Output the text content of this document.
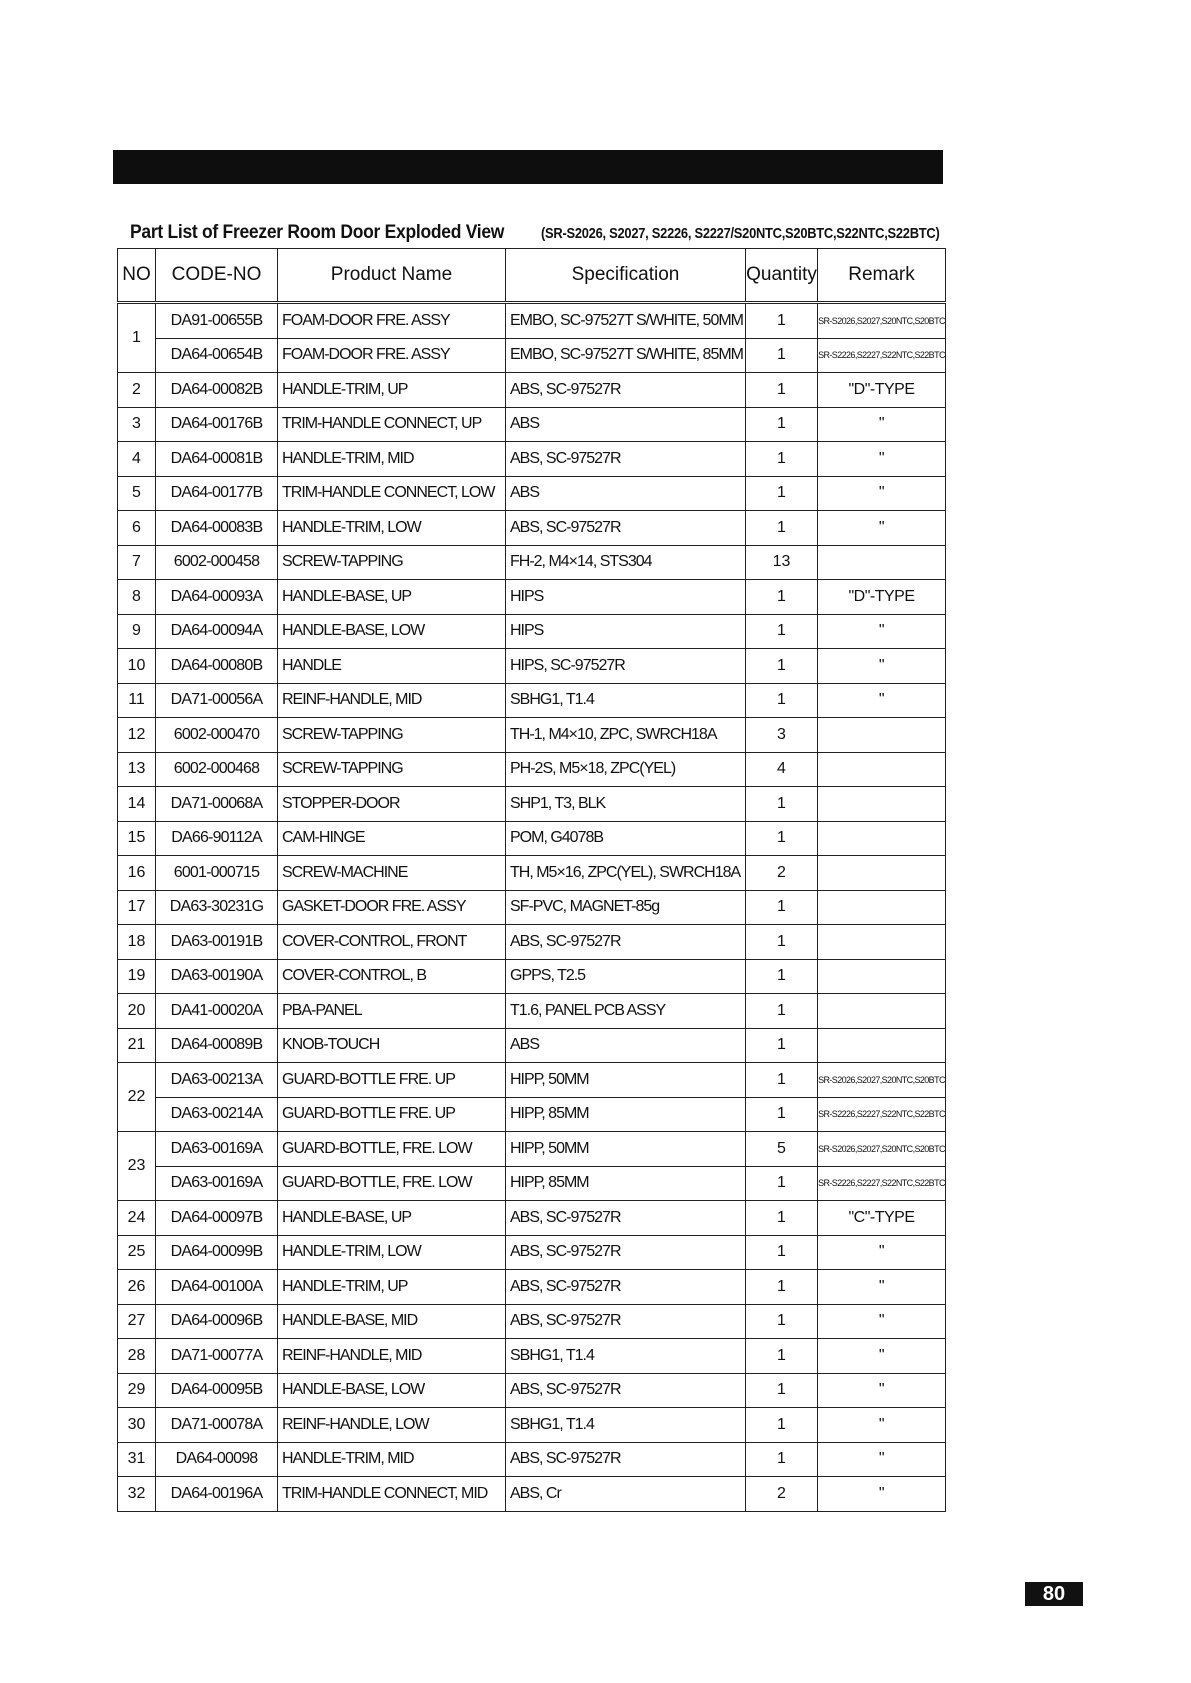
Part List of Freezer Room Door Exploded View (SR-S2026, S2027, S2226, S2227/S20NTC,S20BTC,S22NTC,S22BTC)
NO	CODE-NO	Product Name	Specification	Quantity	Remark
1	DA91-00655B	FOAM-DOOR FRE. ASSY	EMBO, SC-97527T S/WHITE, 50MM	1	SR-S2026,S2027,S20NTC,S20BTC
	DA64-00654B	FOAM-DOOR FRE. ASSY	EMBO, SC-97527T S/WHITE, 85MM	1	SR-S2226,S2227,S22NTC,S22BTC
2	DA64-00082B	HANDLE-TRIM, UP	ABS, SC-97527R	1	"D"-TYPE
3	DA64-00176B	TRIM-HANDLE CONNECT, UP	ABS	1	"
4	DA64-00081B	HANDLE-TRIM, MID	ABS, SC-97527R	1	"
5	DA64-00177B	TRIM-HANDLE CONNECT, LOW	ABS	1	"
6	DA64-00083B	HANDLE-TRIM, LOW	ABS, SC-97527R	1	"
7	6002-000458	SCREW-TAPPING	FH-2, M4×14, STS304	13	
8	DA64-00093A	HANDLE-BASE, UP	HIPS	1	"D"-TYPE
9	DA64-00094A	HANDLE-BASE, LOW	HIPS	1	"
10	DA64-00080B	HANDLE	HIPS, SC-97527R	1	"
11	DA71-00056A	REINF-HANDLE, MID	SBHG1, T1.4	1	"
12	6002-000470	SCREW-TAPPING	TH-1, M4×10, ZPC, SWRCH18A	3	
13	6002-000468	SCREW-TAPPING	PH-2S, M5×18, ZPC(YEL)	4	
14	DA71-00068A	STOPPER-DOOR	SHP1, T3, BLK	1	
15	DA66-90112A	CAM-HINGE	POM, G4078B	1	
16	6001-000715	SCREW-MACHINE	TH, M5×16, ZPC(YEL), SWRCH18A	2	
17	DA63-30231G	GASKET-DOOR FRE. ASSY	SF-PVC, MAGNET-85g	1	
18	DA63-00191B	COVER-CONTROL, FRONT	ABS, SC-97527R	1	
19	DA63-00190A	COVER-CONTROL, B	GPPS, T2.5	1	
20	DA41-00020A	PBA-PANEL	T1.6, PANEL PCB ASSY	1	
21	DA64-00089B	KNOB-TOUCH	ABS	1	
22	DA63-00213A	GUARD-BOTTLE FRE. UP	HIPP, 50MM	1	SR-S2026,S2027,S20NTC,S20BTC
	DA63-00214A	GUARD-BOTTLE FRE. UP	HIPP, 85MM	1	SR-S2226,S2227,S22NTC,S22BTC
23	DA63-00169A	GUARD-BOTTLE, FRE. LOW	HIPP, 50MM	5	SR-S2026,S2027,S20NTC,S20BTC
	DA63-00169A	GUARD-BOTTLE, FRE. LOW	HIPP, 85MM	1	SR-S2226,S2227,S22NTC,S22BTC
24	DA64-00097B	HANDLE-BASE, UP	ABS, SC-97527R	1	"C"-TYPE
25	DA64-00099B	HANDLE-TRIM, LOW	ABS, SC-97527R	1	"
26	DA64-00100A	HANDLE-TRIM, UP	ABS, SC-97527R	1	"
27	DA64-00096B	HANDLE-BASE, MID	ABS, SC-97527R	1	"
28	DA71-00077A	REINF-HANDLE, MID	SBHG1, T1.4	1	"
29	DA64-00095B	HANDLE-BASE, LOW	ABS, SC-97527R	1	"
30	DA71-00078A	REINF-HANDLE, LOW	SBHG1, T1.4	1	"
31	DA64-00098	HANDLE-TRIM, MID	ABS, SC-97527R	1	"
32	DA64-00196A	TRIM-HANDLE CONNECT, MID	ABS, Cr	2	"
80
